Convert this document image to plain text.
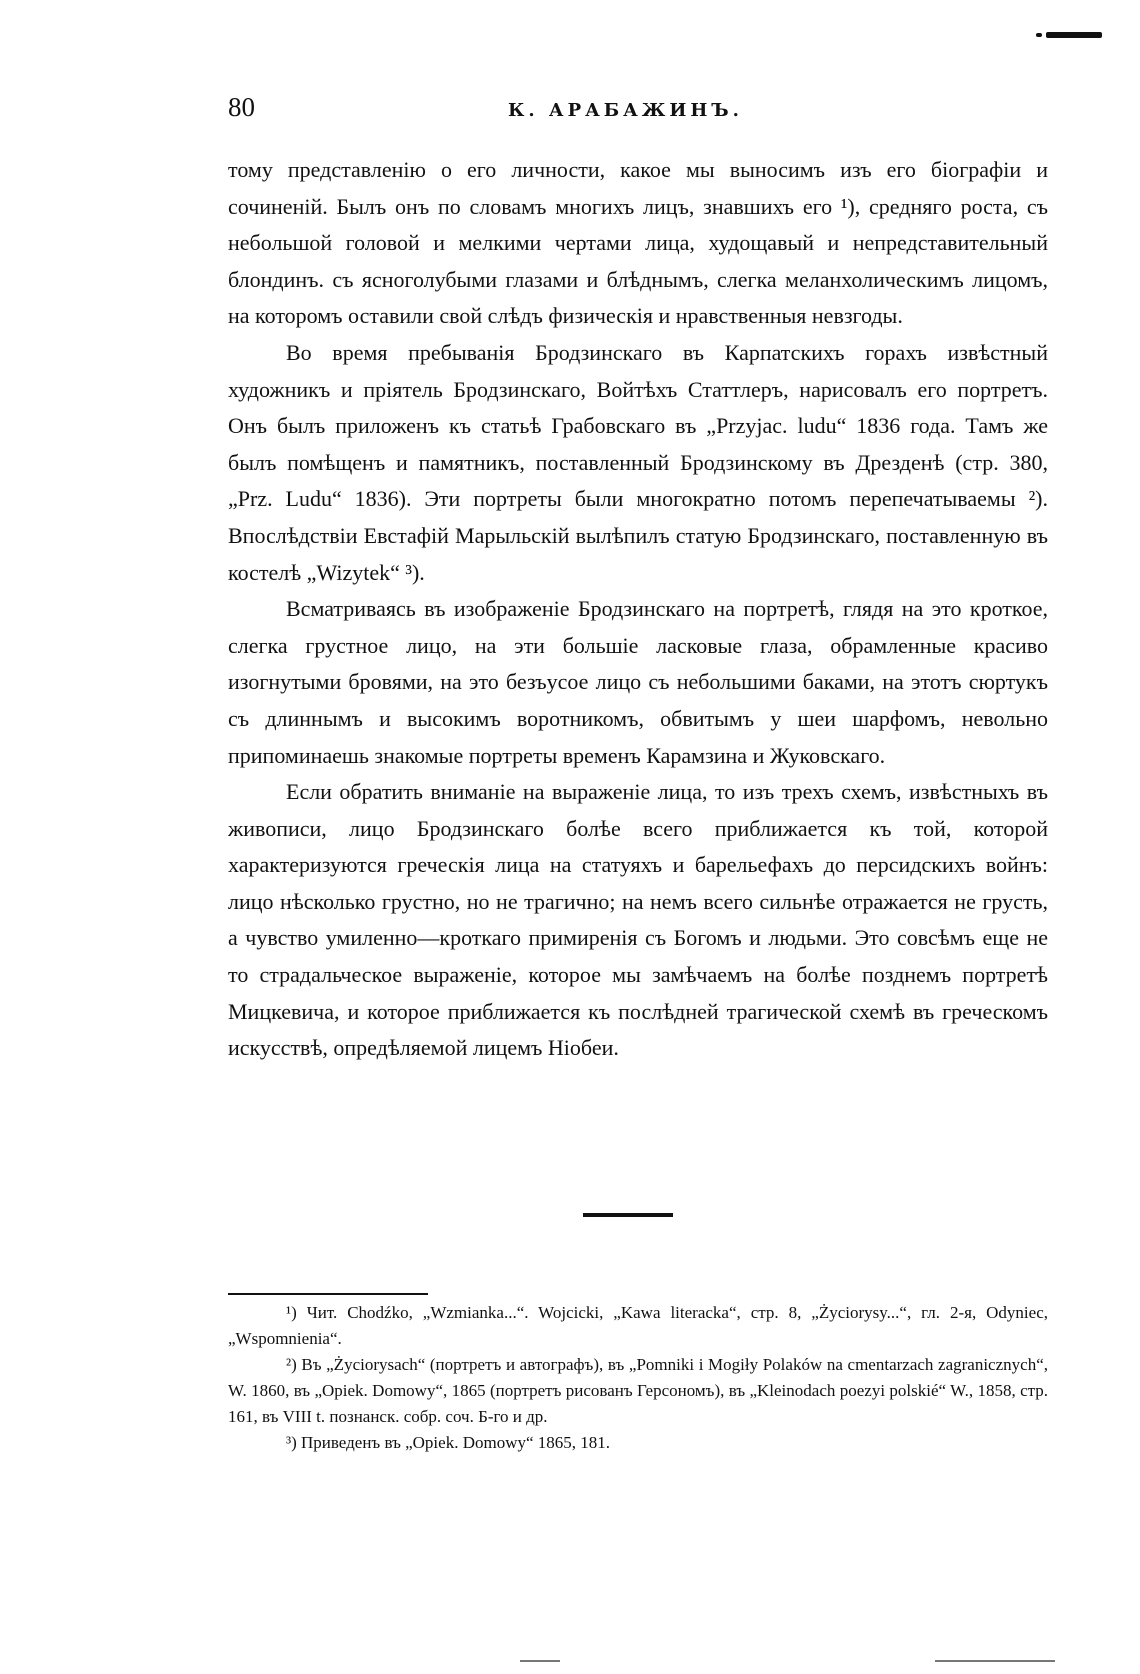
80	К. АРАБАЖИНЪ.

тому представленію о его личности, какое мы выносимъ изъ его біографіи и сочиненій. Былъ онъ по словамъ многихъ лицъ, знавшихъ его ¹), средняго роста, съ небольшой головой и мелкими чертами лица, худощавый и непредставительный блондинъ. съ ясноголубыми глазами и блѣднымъ, слегка меланхолическимъ лицомъ, на которомъ оставили свой слѣдъ физическія и нравственныя невзгоды.

Во время пребыванія Бродзинскаго въ Карпатскихъ горахъ извѣстный художникъ и пріятель Бродзинскаго, Войтѣхъ Статтлеръ, нарисовалъ его портретъ. Онъ былъ приложенъ къ статьѣ Грабовскаго въ „Przyjac. ludu“ 1836 года. Тамъ же былъ помѣщенъ и памятникъ, поставленный Бродзинскому въ Дрезденѣ (стр. 380, „Prz. Ludu“ 1836). Эти портреты были многократно потомъ перепечатываемы ²). Впослѣдствіи Евстафій Марыльскій вылѣпилъ статую Бродзинскаго, поставленную въ костелѣ „Wizytek“ ³).

Всматриваясь въ изображеніе Бродзинскаго на портретѣ, глядя на это кроткое, слегка грустное лицо, на эти большіе ласковые глаза, обрамленные красиво изогнутыми бровями, на это безъусое лицо съ небольшими баками, на этотъ сюртукъ съ длиннымъ и высокимъ воротникомъ, обвитымъ у шеи шарфомъ, невольно припоминаешь знакомые портреты временъ Карамзина и Жуковскаго.

Если обратить вниманіе на выраженіе лица, то изъ трехъ схемъ, извѣстныхъ въ живописи, лицо Бродзинскаго болѣе всего приближается къ той, которой характеризуются греческія лица на статуяхъ и барельефахъ до персидскихъ войнъ: лицо нѣсколько грустно, но не трагично; на немъ всего сильнѣе отражается не грусть, а чувство умиленно—кроткаго примиренія съ Богомъ и людьми. Это совсѣмъ еще не то страдальческое выраженіе, которое мы замѣчаемъ на болѣе позднемъ портретѣ Мицкевича, и которое приближается къ послѣдней трагической схемѣ въ греческомъ искусствѣ, опредѣляемой лицемъ Ніобеи.

¹) Чит. Chodźko, „Wzmianka...“. Wojcicki, „Kawa literacka“, стр. 8, „Życiorysy...“, гл. 2-я, Odyniec, „Wspomnienia“.

²) Въ „Życiorysach“ (портретъ и автографъ), въ „Pomniki i Mogiły Polaków na cmentarzach zagranicznych“, W. 1860, въ „Opiek. Domowy“, 1865 (портретъ рисованъ Герсономъ), въ „Kleinodach poezyi polskié“ W., 1858, стр. 161, въ VIII t. познанск. собр. соч. Б-го и др.

³) Приведенъ въ „Opiek. Domowy“ 1865, 181.
